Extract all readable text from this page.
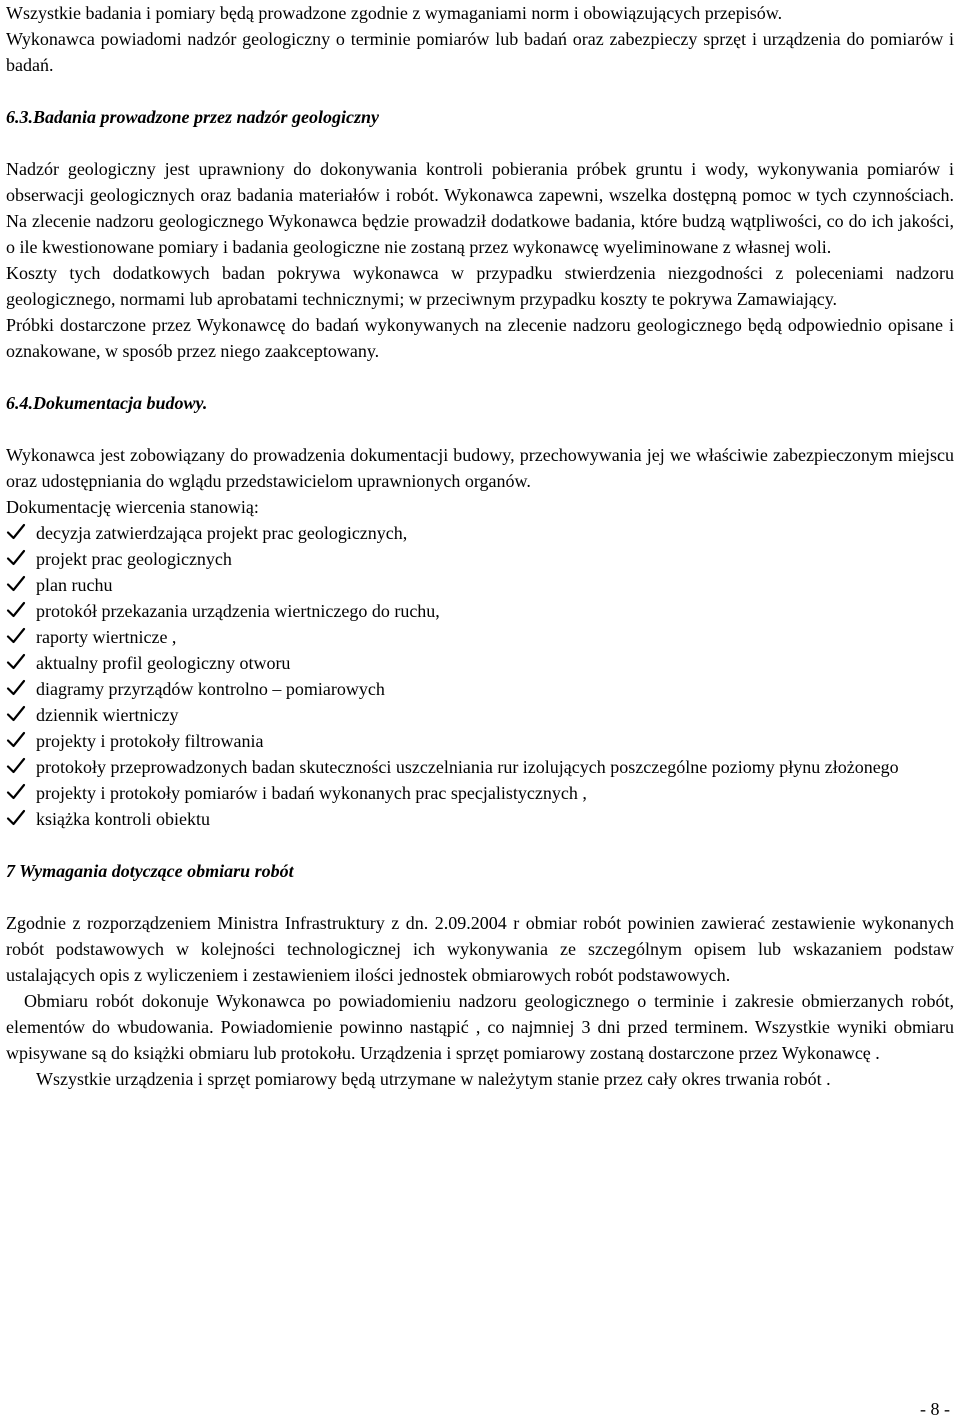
Wszystkie badania i pomiary będą prowadzone zgodnie z wymaganiami norm i obowiązujących przepisów.

Wykonawca powiadomi nadzór geologiczny o terminie pomiarów lub badań oraz zabezpieczy sprzęt i urządzenia do pomiarów i badań.

6.3.Badania prowadzone przez nadzór geologiczny

Nadzór geologiczny jest uprawniony do dokonywania kontroli pobierania próbek gruntu i wody, wykonywania pomiarów i obserwacji geologicznych oraz badania materiałów i robót. Wykonawca zapewni, wszelka dostępną pomoc w tych czynnościach. Na zlecenie nadzoru geologicznego Wykonawca będzie prowadził dodatkowe badania, które budzą wątpliwości, co do ich jakości, o ile kwestionowane pomiary i badania geologiczne nie zostaną przez wykonawcę wyeliminowane z własnej woli.

Koszty tych dodatkowych badan pokrywa wykonawca w przypadku stwierdzenia niezgodności z poleceniami nadzoru geologicznego, normami lub aprobatami technicznymi; w przeciwnym przypadku koszty te pokrywa Zamawiający.

Próbki dostarczone przez Wykonawcę do badań wykonywanych na zlecenie nadzoru geologicznego będą odpowiednio opisane i oznakowane, w sposób przez niego zaakceptowany.

6.4.Dokumentacja budowy.

Wykonawca jest zobowiązany do prowadzenia dokumentacji budowy, przechowywania jej we właściwie zabezpieczonym miejscu oraz udostępniania do wglądu przedstawicielom uprawnionych organów.

Dokumentację wiercenia stanowią:

decyzja zatwierdzająca projekt prac geologicznych,
projekt prac geologicznych
plan ruchu
protokół przekazania urządzenia wiertniczego do ruchu,
raporty wiertnicze ,
aktualny profil geologiczny otworu
diagramy przyrządów kontrolno – pomiarowych
dziennik wiertniczy
projekty i protokoły filtrowania
protokoły przeprowadzonych badan skuteczności uszczelniania rur izolujących poszczególne poziomy płynu złożonego
projekty i protokoły pomiarów i badań wykonanych prac specjalistycznych ,
książka kontroli obiektu

7 Wymagania dotyczące obmiaru robót

Zgodnie z rozporządzeniem Ministra Infrastruktury z dn. 2.09.2004 r obmiar robót powinien zawierać zestawienie wykonanych robót podstawowych w kolejności technologicznej ich wykonywania ze szczególnym opisem lub wskazaniem podstaw ustalających opis z wyliczeniem i zestawieniem ilości jednostek obmiarowych robót podstawowych.

Obmiaru robót dokonuje Wykonawca po powiadomieniu nadzoru geologicznego o terminie i zakresie obmierzanych robót, elementów do wbudowania. Powiadomienie powinno nastąpić , co najmniej 3 dni przed terminem. Wszystkie wyniki obmiaru wpisywane są do książki obmiaru lub protokołu. Urządzenia i sprzęt pomiarowy zostaną dostarczone przez Wykonawcę .

Wszystkie urządzenia i sprzęt pomiarowy będą utrzymane w należytym stanie przez cały okres trwania robót .

- 8 -
